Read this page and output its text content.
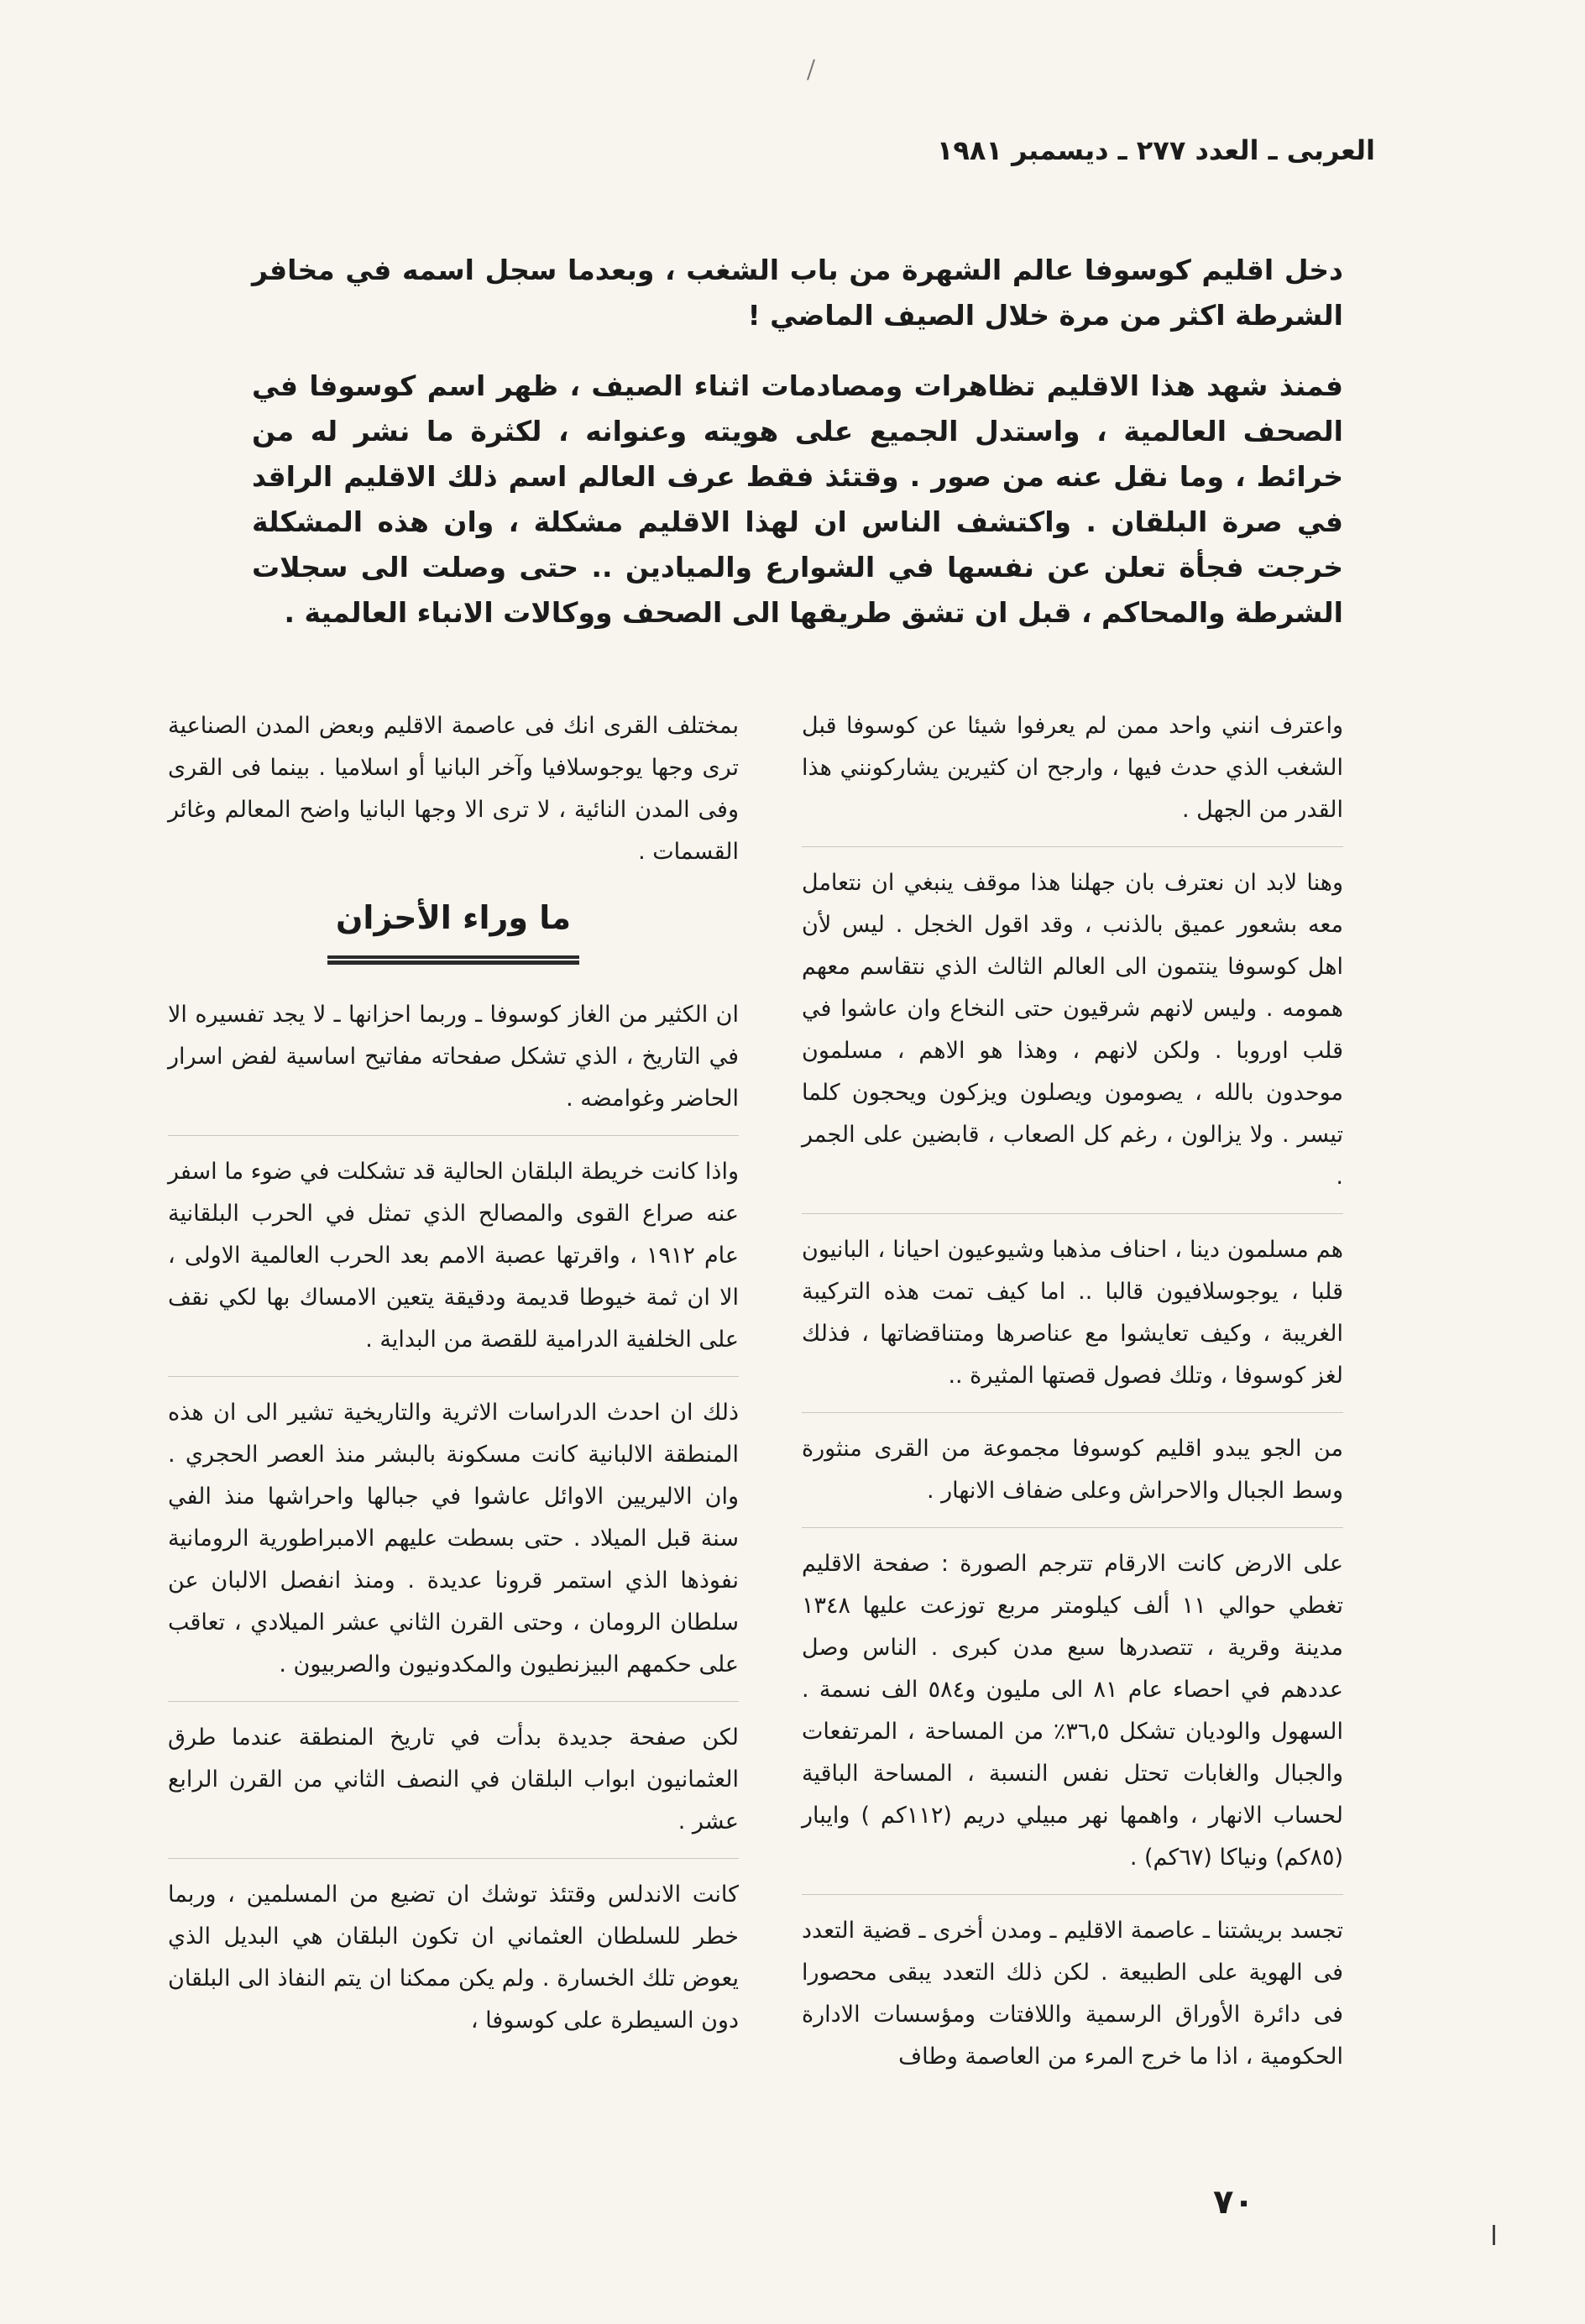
العربى ـ العدد ٢٧٧ ـ ديسمبر ١٩٨١

دخل اقليم كوسوفا عالم الشهرة من باب الشغب ، وبعدما سجل اسمه في مخافر الشرطة اكثر من مرة خلال الصيف الماضي !

فمنذ شهد هذا الاقليم تظاهرات ومصادمات اثناء الصيف ، ظهر اسم كوسوفا في الصحف العالمية ، واستدل الجميع على هويته وعنوانه ، لكثرة ما نشر له من خرائط ، وما نقل عنه من صور . وقتئذ فقط عرف العالم اسم ذلك الاقليم الراقد في صرة البلقان . واكتشف الناس ان لهذا الاقليم مشكلة ، وان هذه المشكلة خرجت فجأة تعلن عن نفسها في الشوارع والميادين .. حتى وصلت الى سجلات الشرطة والمحاكم ، قبل ان تشق طريقها الى الصحف ووكالات الانباء العالمية .

واعترف انني واحد ممن لم يعرفوا شيئا عن كوسوفا قبل الشغب الذي حدث فيها ، وارجح ان كثيرين يشاركونني هذا القدر من الجهل .

وهنا لابد ان نعترف بان جهلنا هذا موقف ينبغي ان نتعامل معه بشعور عميق بالذنب ، وقد اقول الخجل . ليس لأن اهل كوسوفا ينتمون الى العالم الثالث الذي نتقاسم معهم همومه . وليس لانهم شرقيون حتى النخاع وان عاشوا في قلب اوروبا . ولكن لانهم ، وهذا هو الاهم ، مسلمون موحدون بالله ، يصومون ويصلون ويزكون ويحجون كلما تيسر . ولا يزالون ، رغم كل الصعاب ، قابضين على الجمر .

هم مسلمون دينا ، احناف مذهبا وشيوعيون احيانا ، البانيون قلبا ، يوجوسلافيون قالبا .. اما كيف تمت هذه التركيبة الغريبة ، وكيف تعايشوا مع عناصرها ومتناقضاتها ، فذلك لغز كوسوفا ، وتلك فصول قصتها المثيرة ..

من الجو يبدو اقليم كوسوفا مجموعة من القرى منثورة وسط الجبال والاحراش وعلى ضفاف الانهار .

على الارض كانت الارقام تترجم الصورة : صفحة الاقليم تغطي حوالي ١١ ألف كيلومتر مربع توزعت عليها ١٣٤٨ مدينة وقرية ، تتصدرها سبع مدن كبرى . الناس وصل عددهم في احصاء عام ٨١ الى مليون و٥٨٤ الف نسمة . السهول والوديان تشكل ٣٦,٥٪ من المساحة ، المرتفعات والجبال والغابات تحتل نفس النسبة ، المساحة الباقية لحساب الانهار ، واهمها نهر مبيلي دريم (١١٢كم ) وايبار (٨٥كم) ونياكا (٦٧كم) .

تجسد بريشتنا ـ عاصمة الاقليم ـ ومدن أخرى ـ قضية التعدد فى الهوية على الطبيعة . لكن ذلك التعدد يبقى محصورا فى دائرة الأوراق الرسمية واللافتات ومؤسسات الادارة الحكومية ، اذا ما خرج المرء من العاصمة وطاف

بمختلف القرى انك فى عاصمة الاقليم وبعض المدن الصناعية ترى وجها يوجوسلافيا وآخر البانيا أو اسلاميا . بينما فى القرى وفى المدن النائية ، لا ترى الا وجها البانيا واضح المعالم وغائر القسمات .

ما وراء الأحزان

ان الكثير من الغاز كوسوفا ـ وربما احزانها ـ لا يجد تفسيره الا في التاريخ ، الذي تشكل صفحاته مفاتيح اساسية لفض اسرار الحاضر وغوامضه .

واذا كانت خريطة البلقان الحالية قد تشكلت في ضوء ما اسفر عنه صراع القوى والمصالح الذي تمثل في الحرب البلقانية عام ١٩١٢ ، واقرتها عصبة الامم بعد الحرب العالمية الاولى ، الا ان ثمة خيوطا قديمة ودقيقة يتعين الامساك بها لكي نقف على الخلفية الدرامية للقصة من البداية .

ذلك ان احدث الدراسات الاثرية والتاريخية تشير الى ان هذه المنطقة الالبانية كانت مسكونة بالبشر منذ العصر الحجري . وان الاليريين الاوائل عاشوا في جبالها واحراشها منذ الفي سنة قبل الميلاد . حتى بسطت عليهم الامبراطورية الرومانية نفوذها الذي استمر قرونا عديدة . ومنذ انفصل الالبان عن سلطان الرومان ، وحتى القرن الثاني عشر الميلادي ، تعاقب على حكمهم البيزنطيون والمكدونيون والصربيون .

لكن صفحة جديدة بدأت في تاريخ المنطقة عندما طرق العثمانيون ابواب البلقان في النصف الثاني من القرن الرابع عشر .

كانت الاندلس وقتئذ توشك ان تضيع من المسلمين ، وربما خطر للسلطان العثماني ان تكون البلقان هي البديل الذي يعوض تلك الخسارة . ولم يكن ممكنا ان يتم النفاذ الى البلقان دون السيطرة على كوسوفا ،

٧٠
